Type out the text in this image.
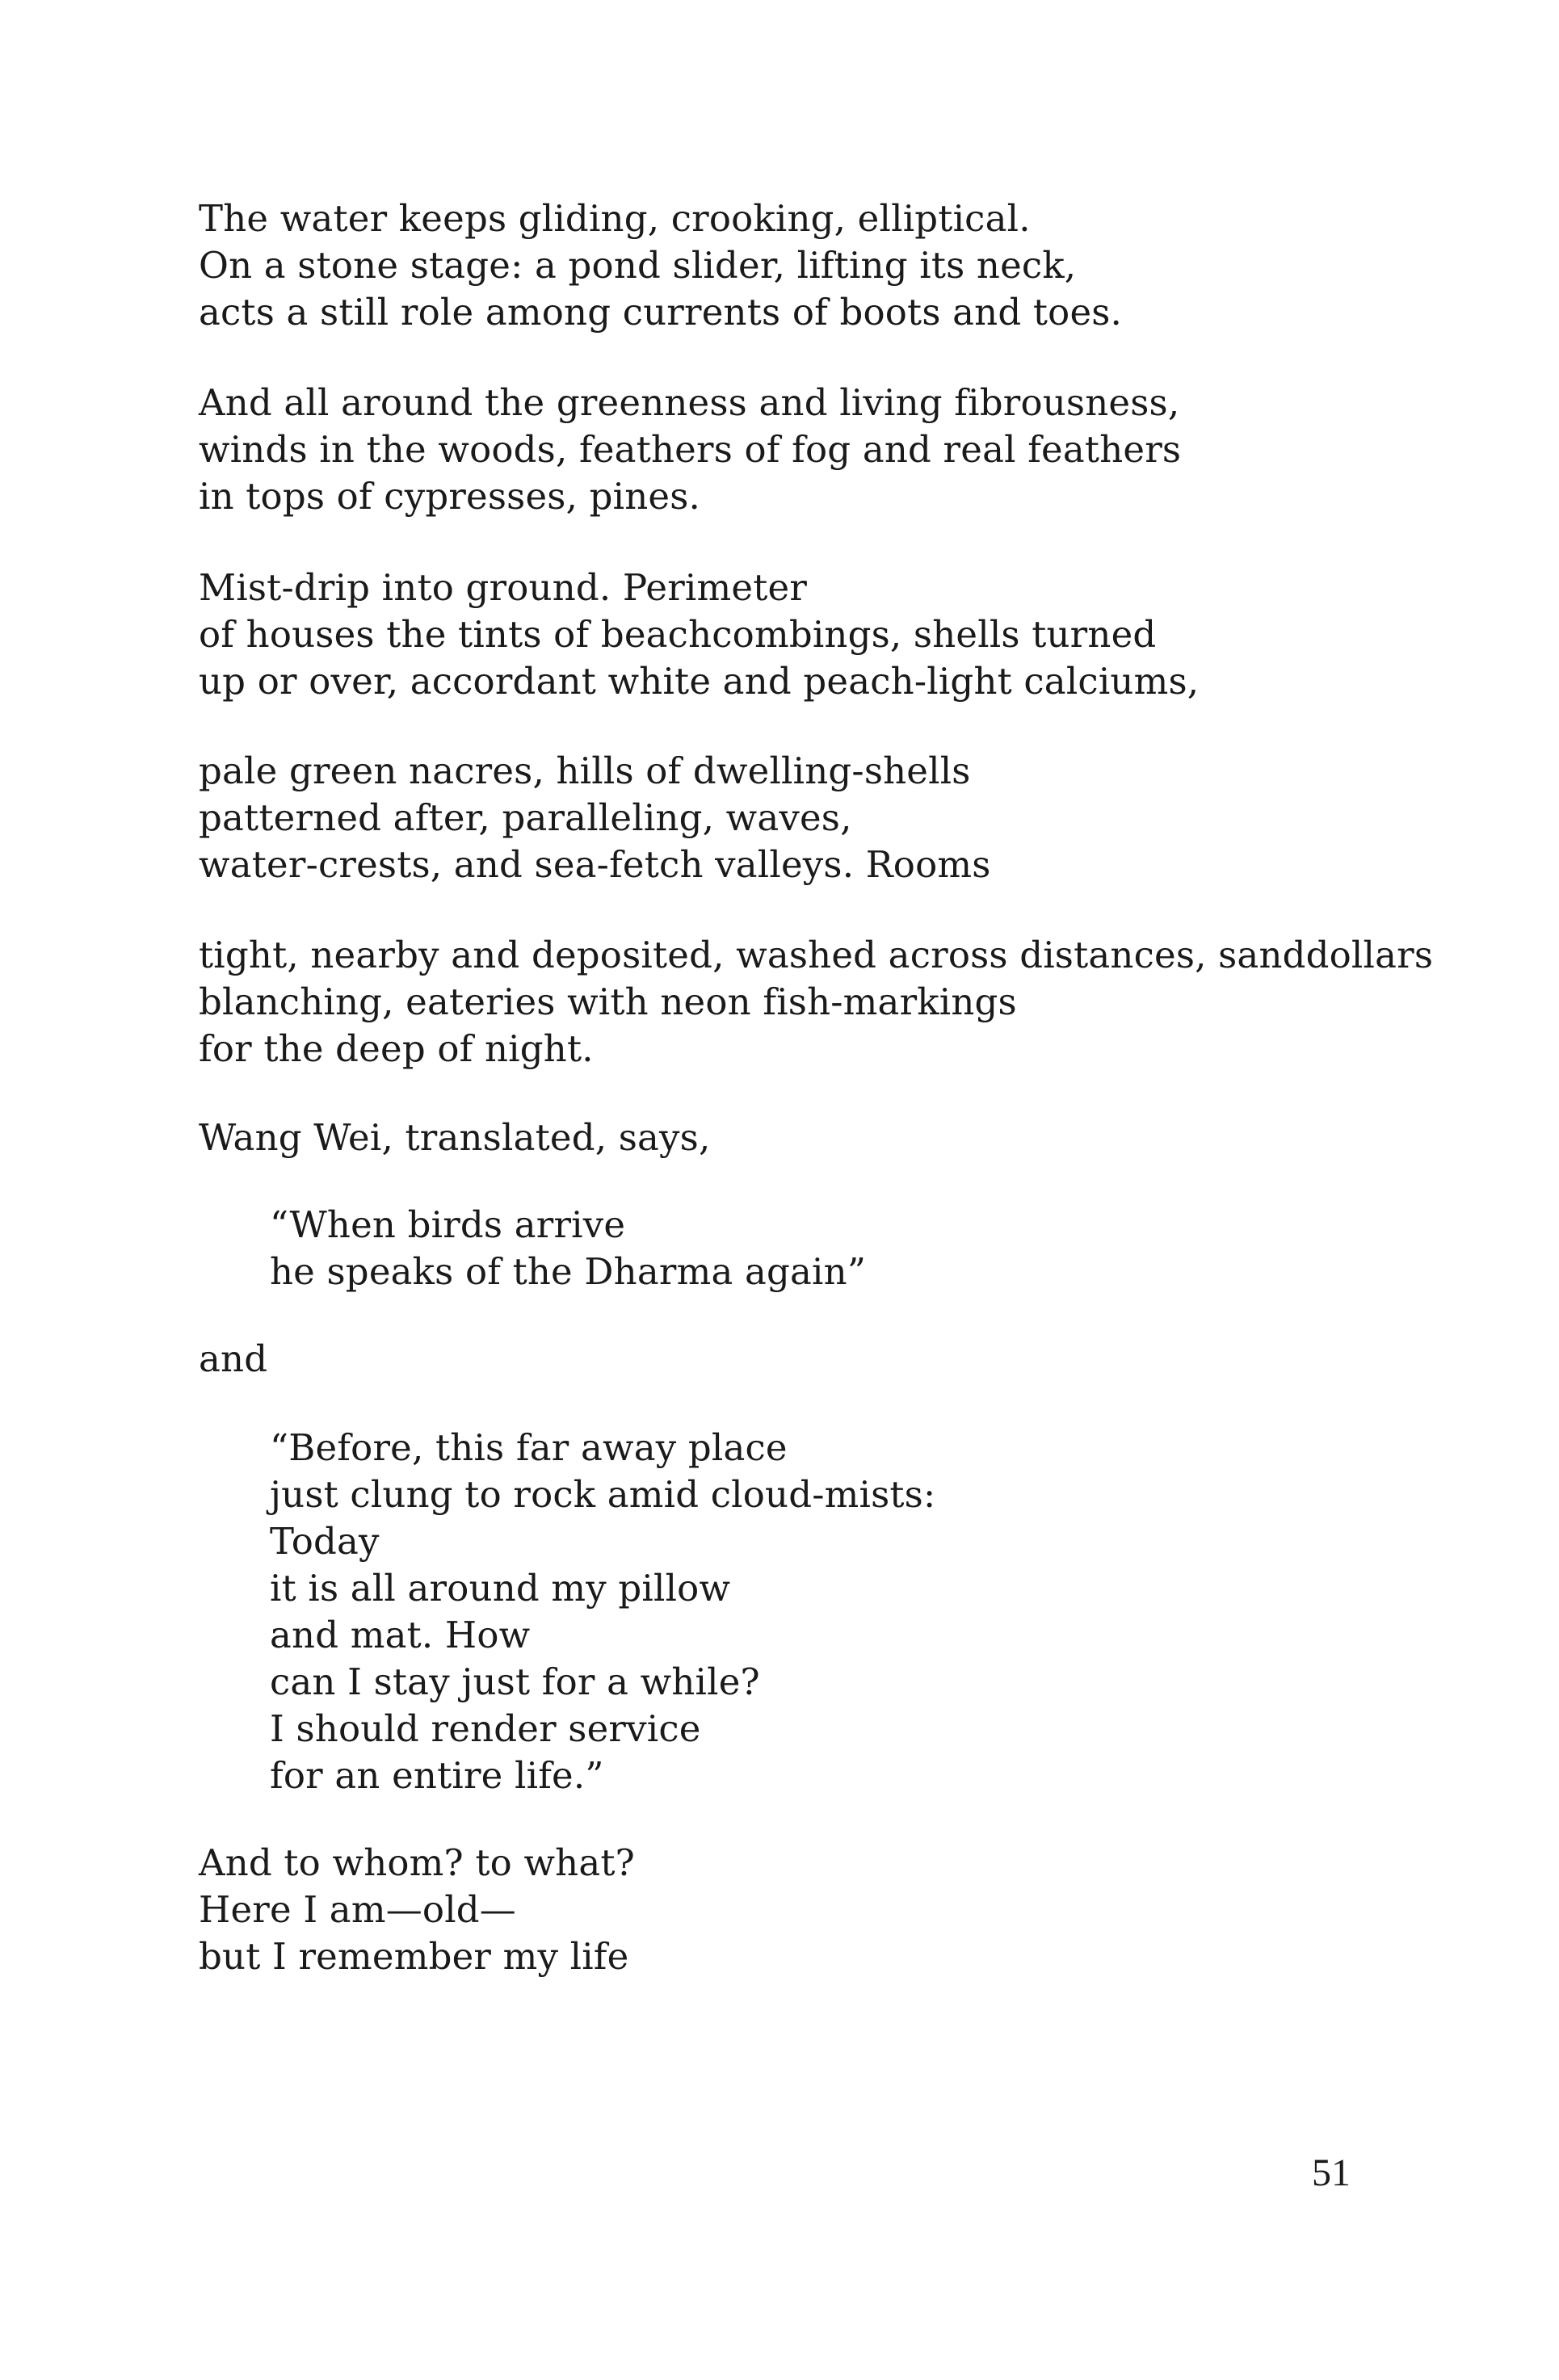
The water keeps gliding, crooking, elliptical.
On a stone stage: a pond slider, lifting its neck,
acts a still role among currents of boots and toes.
And all around the greenness and living fibrousness,
winds in the woods, feathers of fog and real feathers
in tops of cypresses, pines.
Mist-drip into ground. Perimeter
of houses the tints of beachcombings, shells turned
up or over, accordant white and peach-light calciums,
pale green nacres, hills of dwelling-shells
patterned after, paralleling, waves,
water-crests, and sea-fetch valleys. Rooms
tight, nearby and deposited, washed across distances, sanddollars
blanching, eateries with neon fish-markings
for the deep of night.
Wang Wei, translated, says,
“When birds arrive
he speaks of the Dharma again”
and
“Before, this far away place
just clung to rock amid cloud-mists:
Today
it is all around my pillow
and mat. How
can I stay just for a while?
I should render service
for an entire life.”
And to whom? to what?
Here I am—old—
but I remember my life
51
